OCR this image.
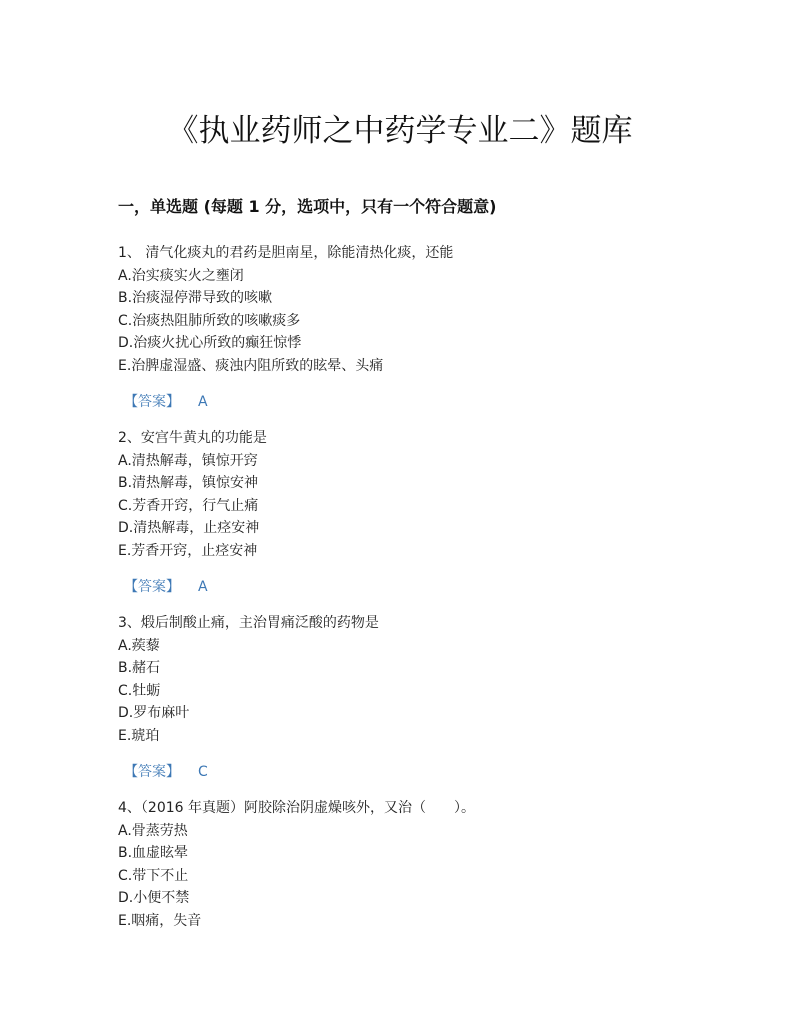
《执业药师之中药学专业二》题库
一，单选题 (每题 1 分，选项中，只有一个符合题意)
1、 清气化痰丸的君药是胆南星，除能清热化痰，还能
A.治实痰实火之壅闭
B.治痰湿停滞导致的咳嗽
C.治痰热阻肺所致的咳嗽痰多
D.治痰火扰心所致的癫狂惊悸
E.治脾虚湿盛、痰浊内阻所致的眩晕、头痛
【答案】 A
2、安宫牛黄丸的功能是
A.清热解毒，镇惊开窍
B.清热解毒，镇惊安神
C.芳香开窍，行气止痛
D.清热解毒，止痉安神
E.芳香开窍，止痉安神
【答案】 A
3、煅后制酸止痛，主治胃痛泛酸的药物是
A.蒺藜
B.赭石
C.牡蛎
D.罗布麻叶
E.琥珀
【答案】 C
4、（2016 年真题）阿胶除治阴虚燥咳外，又治（　　）。
A.骨蒸劳热
B.血虚眩晕
C.带下不止
D.小便不禁
E.咽痛，失音
